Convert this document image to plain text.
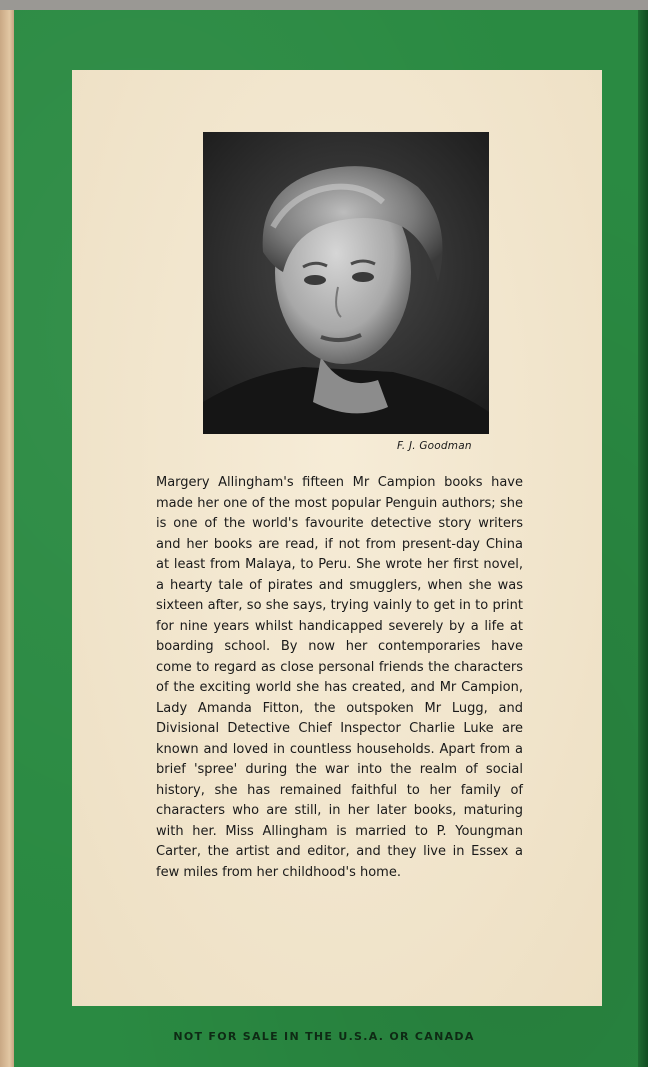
F. J. Goodman

Margery Allingham's fifteen Mr Campion books have made her one of the most popular Penguin authors; she is one of the world's favourite detective story writers and her books are read, if not from present-day China at least from Malaya, to Peru. She wrote her first novel, a hearty tale of pirates and smugglers, when she was sixteen after, so she says, trying vainly to get in to print for nine years whilst handicapped severely by a life at boarding school. By now her contemporaries have come to regard as close personal friends the characters of the exciting world she has created, and Mr Campion, Lady Amanda Fitton, the outspoken Mr Lugg, and Divisional Detective Chief Inspector Charlie Luke are known and loved in countless households. Apart from a brief 'spree' during the war into the realm of social history, she has remained faithful to her family of characters who are still, in her later books, maturing with her. Miss Allingham is married to P. Youngman Carter, the artist and editor, and they live in Essex a few miles from her childhood's home.

NOT FOR SALE IN THE U.S.A. OR CANADA
